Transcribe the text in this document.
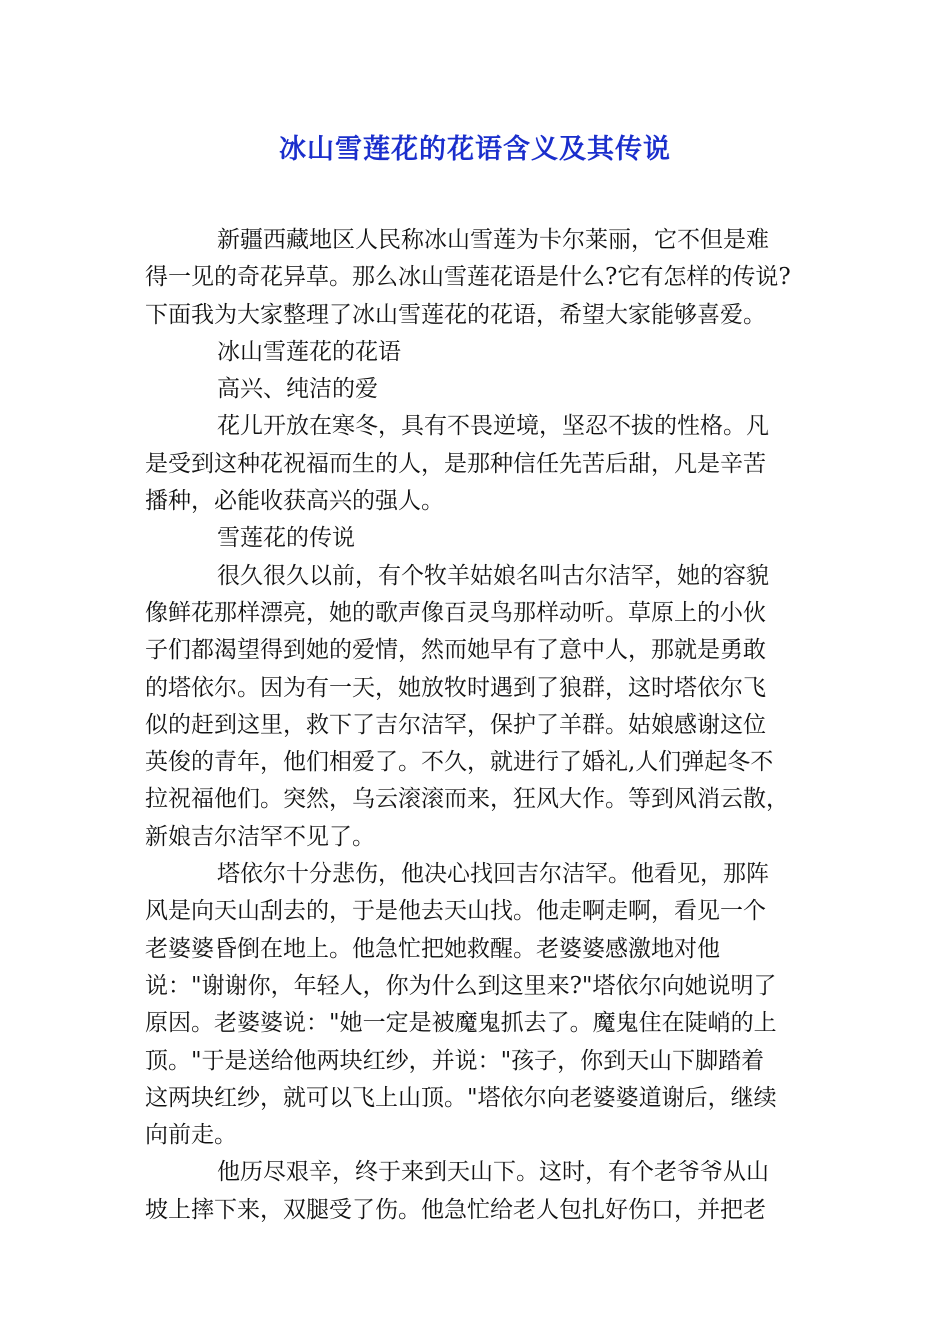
冰山雪莲花的花语含义及其传说
新疆西藏地区人民称冰山雪莲为卡尔莱丽，它不但是难
得一见的奇花异草。那么冰山雪莲花语是什么?它有怎样的传说?
下面我为大家整理了冰山雪莲花的花语，希望大家能够喜爱。
冰山雪莲花的花语
高兴、纯洁的爱
花儿开放在寒冬，具有不畏逆境，坚忍不拔的性格。凡
是受到这种花祝福而生的人，是那种信任先苦后甜，凡是辛苦
播种，必能收获高兴的强人。
雪莲花的传说
很久很久以前，有个牧羊姑娘名叫古尔洁罕，她的容貌
像鲜花那样漂亮，她的歌声像百灵鸟那样动听。草原上的小伙
子们都渴望得到她的爱情，然而她早有了意中人，那就是勇敢
的塔依尔。因为有一天，她放牧时遇到了狼群，这时塔依尔飞
似的赶到这里，救下了吉尔洁罕，保护了羊群。姑娘感谢这位
英俊的青年，他们相爱了。不久，就进行了婚礼,人们弹起冬不
拉祝福他们。突然，乌云滚滚而来，狂风大作。等到风消云散，
新娘吉尔洁罕不见了。
塔依尔十分悲伤，他决心找回吉尔洁罕。他看见，那阵
风是向天山刮去的，于是他去天山找。他走啊走啊，看见一个
老婆婆昏倒在地上。他急忙把她救醒。老婆婆感激地对他
说："谢谢你，年轻人，你为什么到这里来?"塔依尔向她说明了
原因。老婆婆说："她一定是被魔鬼抓去了。魔鬼住在陡峭的上
顶。"于是送给他两块红纱，并说："孩子，你到天山下脚踏着
这两块红纱，就可以飞上山顶。"塔依尔向老婆婆道谢后，继续
向前走。
他历尽艰辛，终于来到天山下。这时，有个老爷爷从山
坡上摔下来，双腿受了伤。他急忙给老人包扎好伤口，并把老
